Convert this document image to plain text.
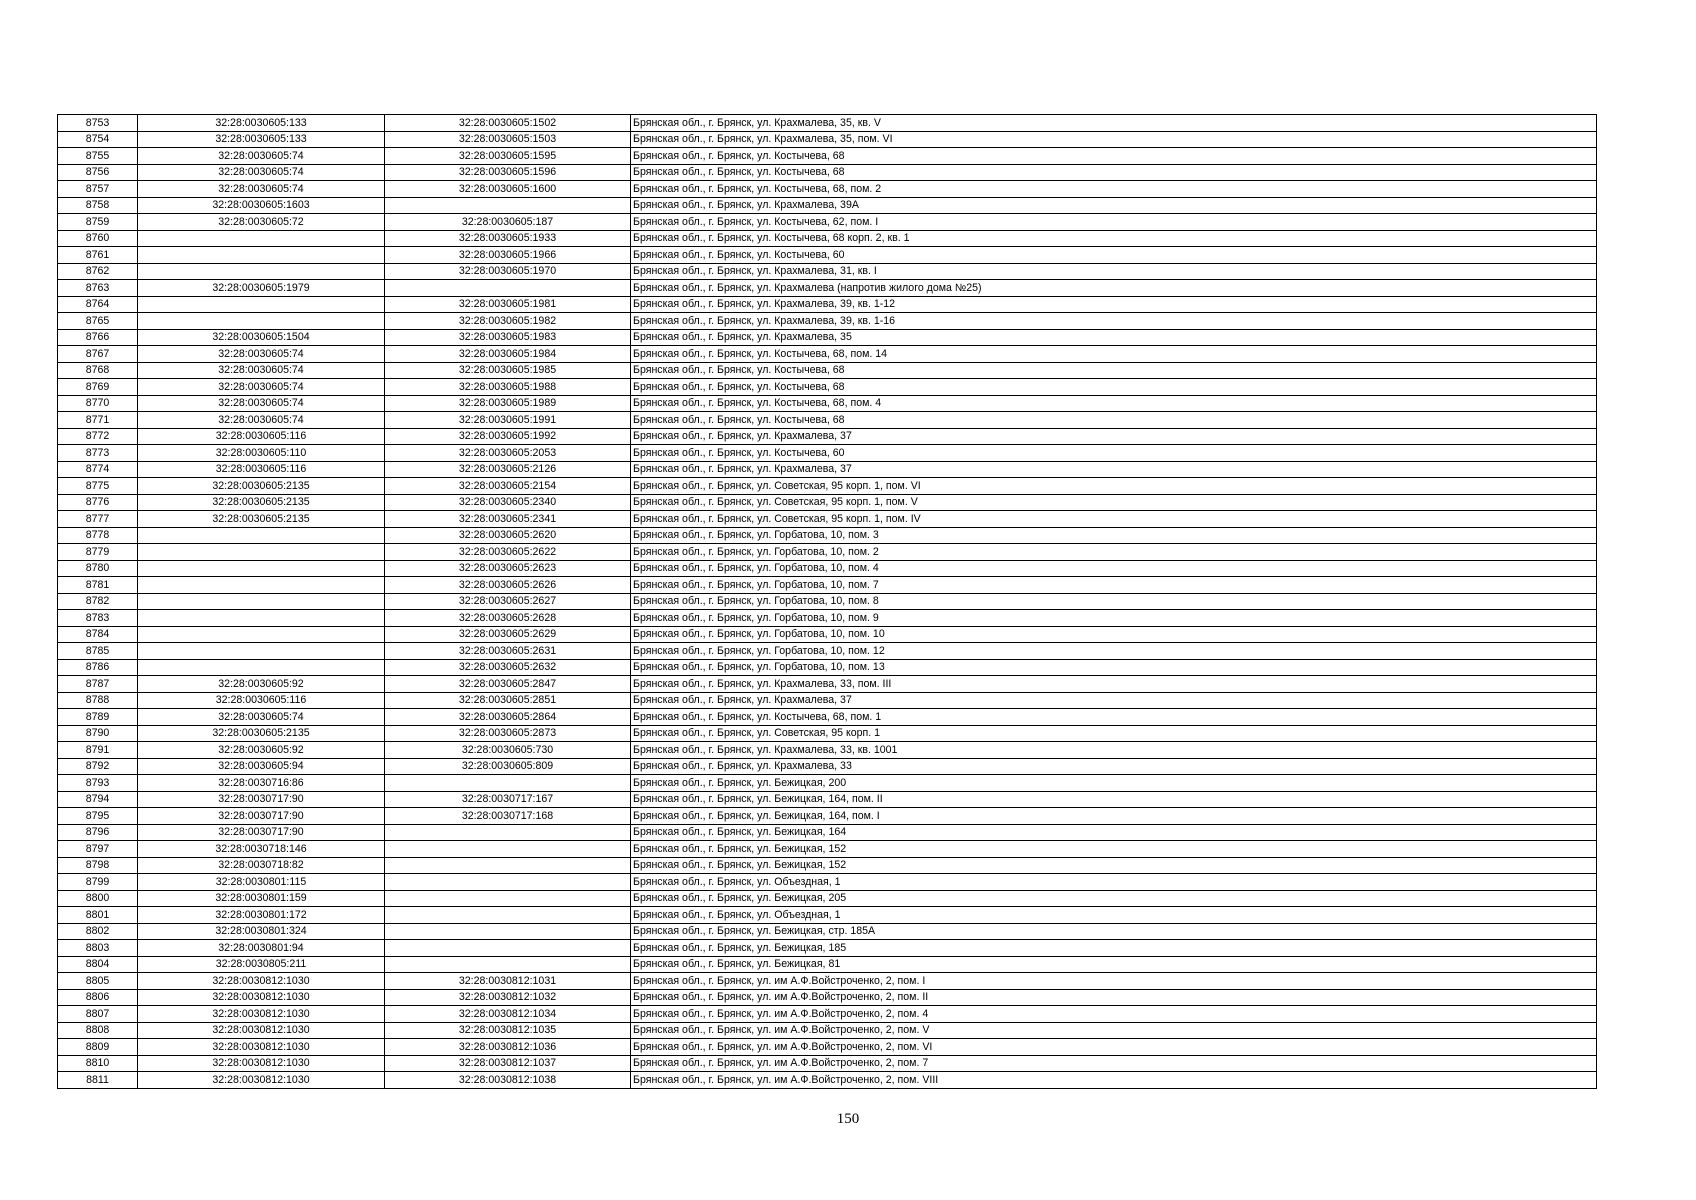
8753	32:28:0030605:133	32:28:0030605:1502	Брянская обл., г. Брянск, ул. Крахмалева, 35, кв. V
8754	32:28:0030605:133	32:28:0030605:1503	Брянская обл., г. Брянск, ул. Крахмалева, 35, пом. VI
8755	32:28:0030605:74	32:28:0030605:1595	Брянская обл., г. Брянск, ул. Костычева, 68
8756	32:28:0030605:74	32:28:0030605:1596	Брянская обл., г. Брянск, ул. Костычева, 68
8757	32:28:0030605:74	32:28:0030605:1600	Брянская обл., г. Брянск, ул. Костычева, 68, пом. 2
8758	32:28:0030605:1603		Брянская обл., г. Брянск, ул. Крахмалева, 39А
8759	32:28:0030605:72	32:28:0030605:187	Брянская обл., г. Брянск, ул. Костычева, 62, пом. I
8760		32:28:0030605:1933	Брянская обл., г. Брянск, ул. Костычева, 68 корп. 2, кв. 1
8761		32:28:0030605:1966	Брянская обл., г. Брянск, ул. Костычева, 60
8762		32:28:0030605:1970	Брянская обл., г. Брянск, ул. Крахмалева, 31, кв. I
8763	32:28:0030605:1979		Брянская обл., г. Брянск, ул. Крахмалева (напротив жилого дома №25)
8764		32:28:0030605:1981	Брянская обл., г. Брянск, ул. Крахмалева, 39, кв. 1-12
8765		32:28:0030605:1982	Брянская обл., г. Брянск, ул. Крахмалева, 39, кв. 1-16
8766	32:28:0030605:1504	32:28:0030605:1983	Брянская обл., г. Брянск, ул. Крахмалева, 35
8767	32:28:0030605:74	32:28:0030605:1984	Брянская обл., г. Брянск, ул. Костычева, 68, пом. 14
8768	32:28:0030605:74	32:28:0030605:1985	Брянская обл., г. Брянск, ул. Костычева, 68
8769	32:28:0030605:74	32:28:0030605:1988	Брянская обл., г. Брянск, ул. Костычева, 68
8770	32:28:0030605:74	32:28:0030605:1989	Брянская обл., г. Брянск, ул. Костычева, 68, пом. 4
8771	32:28:0030605:74	32:28:0030605:1991	Брянская обл., г. Брянск, ул. Костычева, 68
8772	32:28:0030605:116	32:28:0030605:1992	Брянская обл., г. Брянск, ул. Крахмалева, 37
8773	32:28:0030605:110	32:28:0030605:2053	Брянская обл., г. Брянск, ул. Костычева, 60
8774	32:28:0030605:116	32:28:0030605:2126	Брянская обл., г. Брянск, ул. Крахмалева, 37
8775	32:28:0030605:2135	32:28:0030605:2154	Брянская обл., г. Брянск, ул. Советская, 95 корп. 1, пом. VI
8776	32:28:0030605:2135	32:28:0030605:2340	Брянская обл., г. Брянск, ул. Советская, 95 корп. 1, пом. V
8777	32:28:0030605:2135	32:28:0030605:2341	Брянская обл., г. Брянск, ул. Советская, 95 корп. 1, пом. IV
8778		32:28:0030605:2620	Брянская обл., г. Брянск, ул. Горбатова, 10, пом. 3
8779		32:28:0030605:2622	Брянская обл., г. Брянск, ул. Горбатова, 10, пом. 2
8780		32:28:0030605:2623	Брянская обл., г. Брянск, ул. Горбатова, 10, пом. 4
8781		32:28:0030605:2626	Брянская обл., г. Брянск, ул. Горбатова, 10, пом. 7
8782		32:28:0030605:2627	Брянская обл., г. Брянск, ул. Горбатова, 10, пом. 8
8783		32:28:0030605:2628	Брянская обл., г. Брянск, ул. Горбатова, 10, пом. 9
8784		32:28:0030605:2629	Брянская обл., г. Брянск, ул. Горбатова, 10, пом. 10
8785		32:28:0030605:2631	Брянская обл., г. Брянск, ул. Горбатова, 10, пом. 12
8786		32:28:0030605:2632	Брянская обл., г. Брянск, ул. Горбатова, 10, пом. 13
8787	32:28:0030605:92	32:28:0030605:2847	Брянская обл., г. Брянск, ул. Крахмалева, 33, пом. III
8788	32:28:0030605:116	32:28:0030605:2851	Брянская обл., г. Брянск, ул. Крахмалева, 37
8789	32:28:0030605:74	32:28:0030605:2864	Брянская обл., г. Брянск, ул. Костычева, 68, пом. 1
8790	32:28:0030605:2135	32:28:0030605:2873	Брянская обл., г. Брянск, ул. Советская, 95 корп. 1
8791	32:28:0030605:92	32:28:0030605:730	Брянская обл., г. Брянск, ул. Крахмалева, 33, кв. 1001
8792	32:28:0030605:94	32:28:0030605:809	Брянская обл., г. Брянск, ул. Крахмалева, 33
8793	32:28:0030716:86		Брянская обл., г. Брянск, ул. Бежицкая, 200
8794	32:28:0030717:90	32:28:0030717:167	Брянская обл., г. Брянск, ул. Бежицкая, 164, пом. II
8795	32:28:0030717:90	32:28:0030717:168	Брянская обл., г. Брянск, ул. Бежицкая, 164, пом. I
8796	32:28:0030717:90		Брянская обл., г. Брянск, ул. Бежицкая, 164
8797	32:28:0030718:146		Брянская обл., г. Брянск, ул. Бежицкая, 152
8798	32:28:0030718:82		Брянская обл., г. Брянск, ул. Бежицкая, 152
8799	32:28:0030801:115		Брянская обл., г. Брянск, ул. Объездная, 1
8800	32:28:0030801:159		Брянская обл., г. Брянск, ул. Бежицкая, 205
8801	32:28:0030801:172		Брянская обл., г. Брянск, ул. Объездная, 1
8802	32:28:0030801:324		Брянская обл., г. Брянск, ул. Бежицкая, стр. 185А
8803	32:28:0030801:94		Брянская обл., г. Брянск, ул. Бежицкая, 185
8804	32:28:0030805:211		Брянская обл., г. Брянск, ул. Бежицкая, 81
8805	32:28:0030812:1030	32:28:0030812:1031	Брянская обл., г. Брянск, ул. им А.Ф.Войстроченко, 2, пом. I
8806	32:28:0030812:1030	32:28:0030812:1032	Брянская обл., г. Брянск, ул. им А.Ф.Войстроченко, 2, пом. II
8807	32:28:0030812:1030	32:28:0030812:1034	Брянская обл., г. Брянск, ул. им А.Ф.Войстроченко, 2, пом. 4
8808	32:28:0030812:1030	32:28:0030812:1035	Брянская обл., г. Брянск, ул. им А.Ф.Войстроченко, 2, пом. V
8809	32:28:0030812:1030	32:28:0030812:1036	Брянская обл., г. Брянск, ул. им А.Ф.Войстроченко, 2, пом. VI
8810	32:28:0030812:1030	32:28:0030812:1037	Брянская обл., г. Брянск, ул. им А.Ф.Войстроченко, 2, пом. 7
8811	32:28:0030812:1030	32:28:0030812:1038	Брянская обл., г. Брянск, ул. им А.Ф.Войстроченко, 2, пом. VIII
150
